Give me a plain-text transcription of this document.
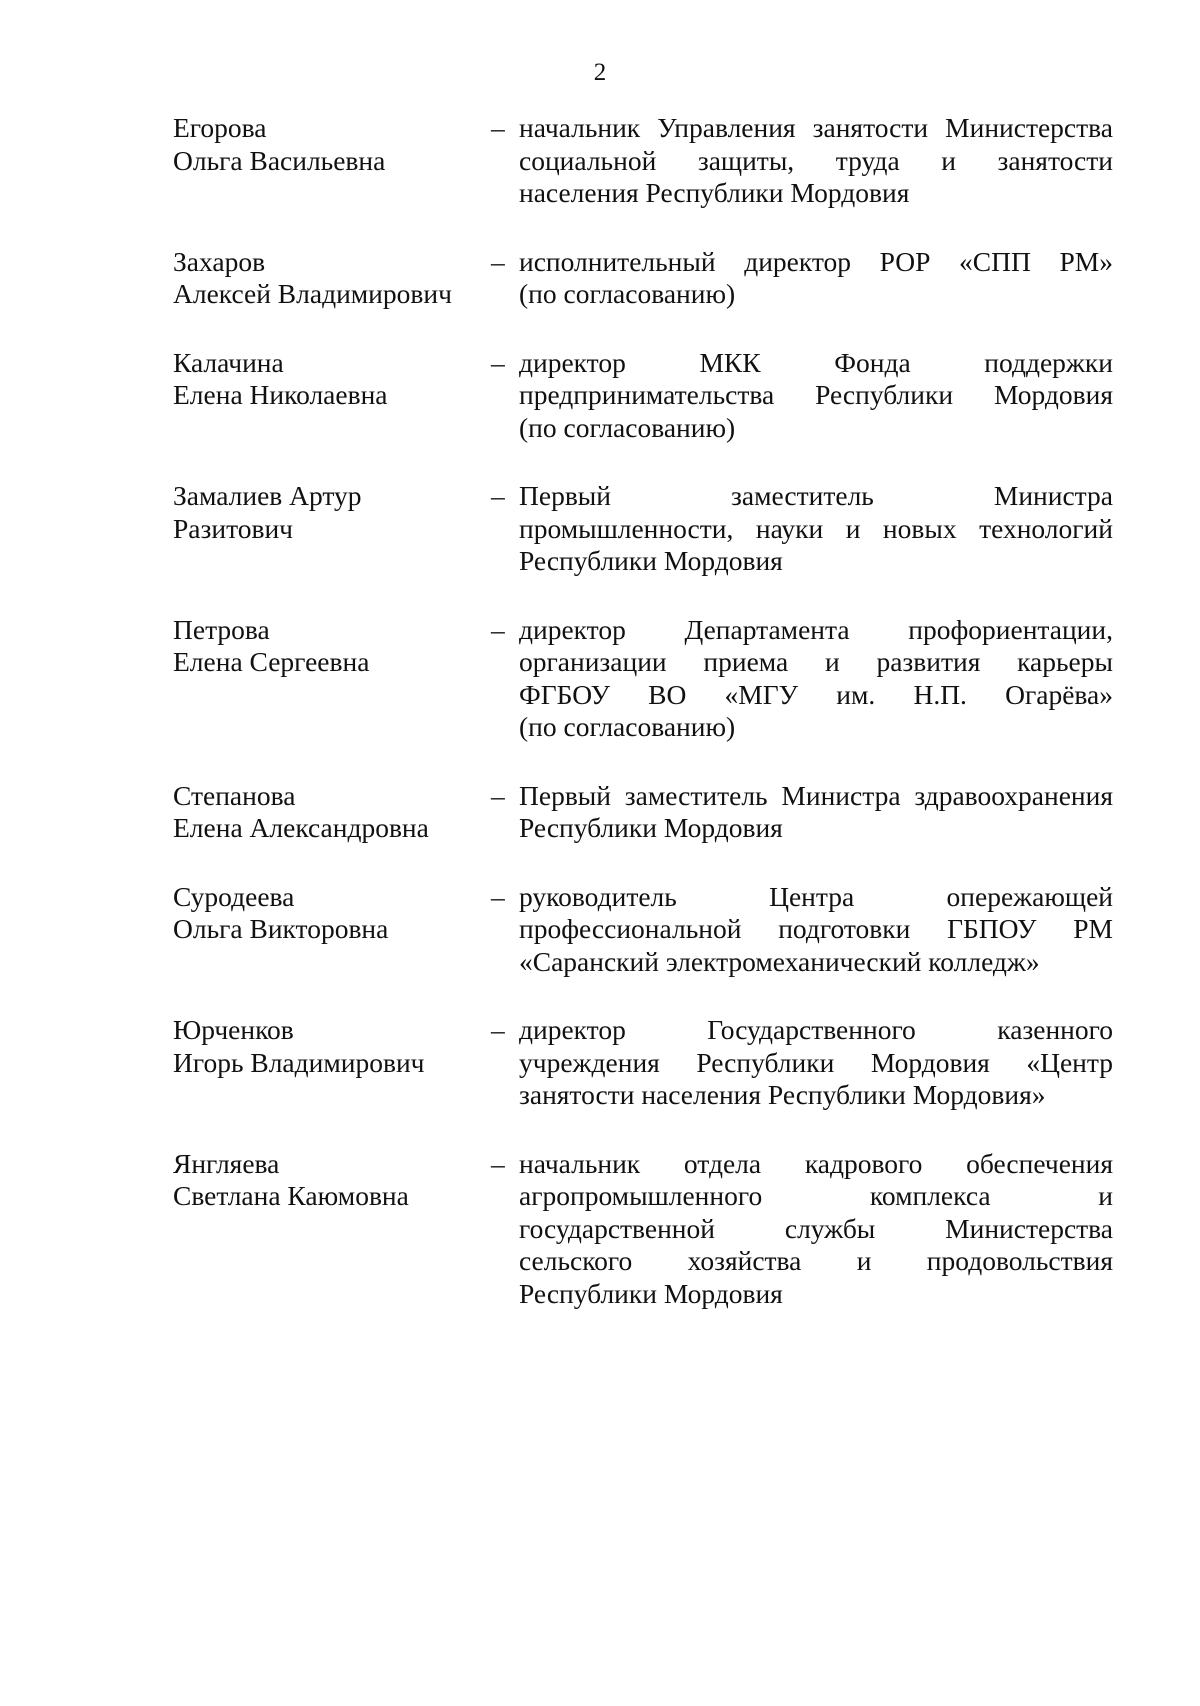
2
Егорова
Ольга Васильевна
– начальник Управления занятости Министерства
социальной защиты, труда и занятости
населения Республики Мордовия
Захаров
Алексей Владимирович
– исполнительный директор РОР «СПП РМ»
(по согласованию)
Калачина
Елена Николаевна
– директор МКК Фонда поддержки
предпринимательства Республики Мордовия
(по согласованию)
Замалиев Артур
Разитович
– Первый заместитель Министра
промышленности, науки и новых технологий
Республики Мордовия
Петрова
Елена Сергеевна
– директор Департамента профориентации,
организации приема и развития карьеры
ФГБОУ ВО «МГУ им. Н.П. Огарёва»
(по согласованию)
Степанова
Елена Александровна
– Первый заместитель Министра здравоохранения
Республики Мордовия
Суродеева
Ольга Викторовна
– руководитель Центра опережающей
профессиональной подготовки ГБПОУ РМ
«Саранский электромеханический колледж»
Юрченков
Игорь Владимирович
– директор Государственного казенного
учреждения Республики Мордовия «Центр
занятости населения Республики Мордовия»
Янгляева
Светлана Каюмовна
– начальник отдела кадрового обеспечения
агропромышленного комплекса и
государственной службы Министерства
сельского хозяйства и продовольствия
Республики Мордовия
